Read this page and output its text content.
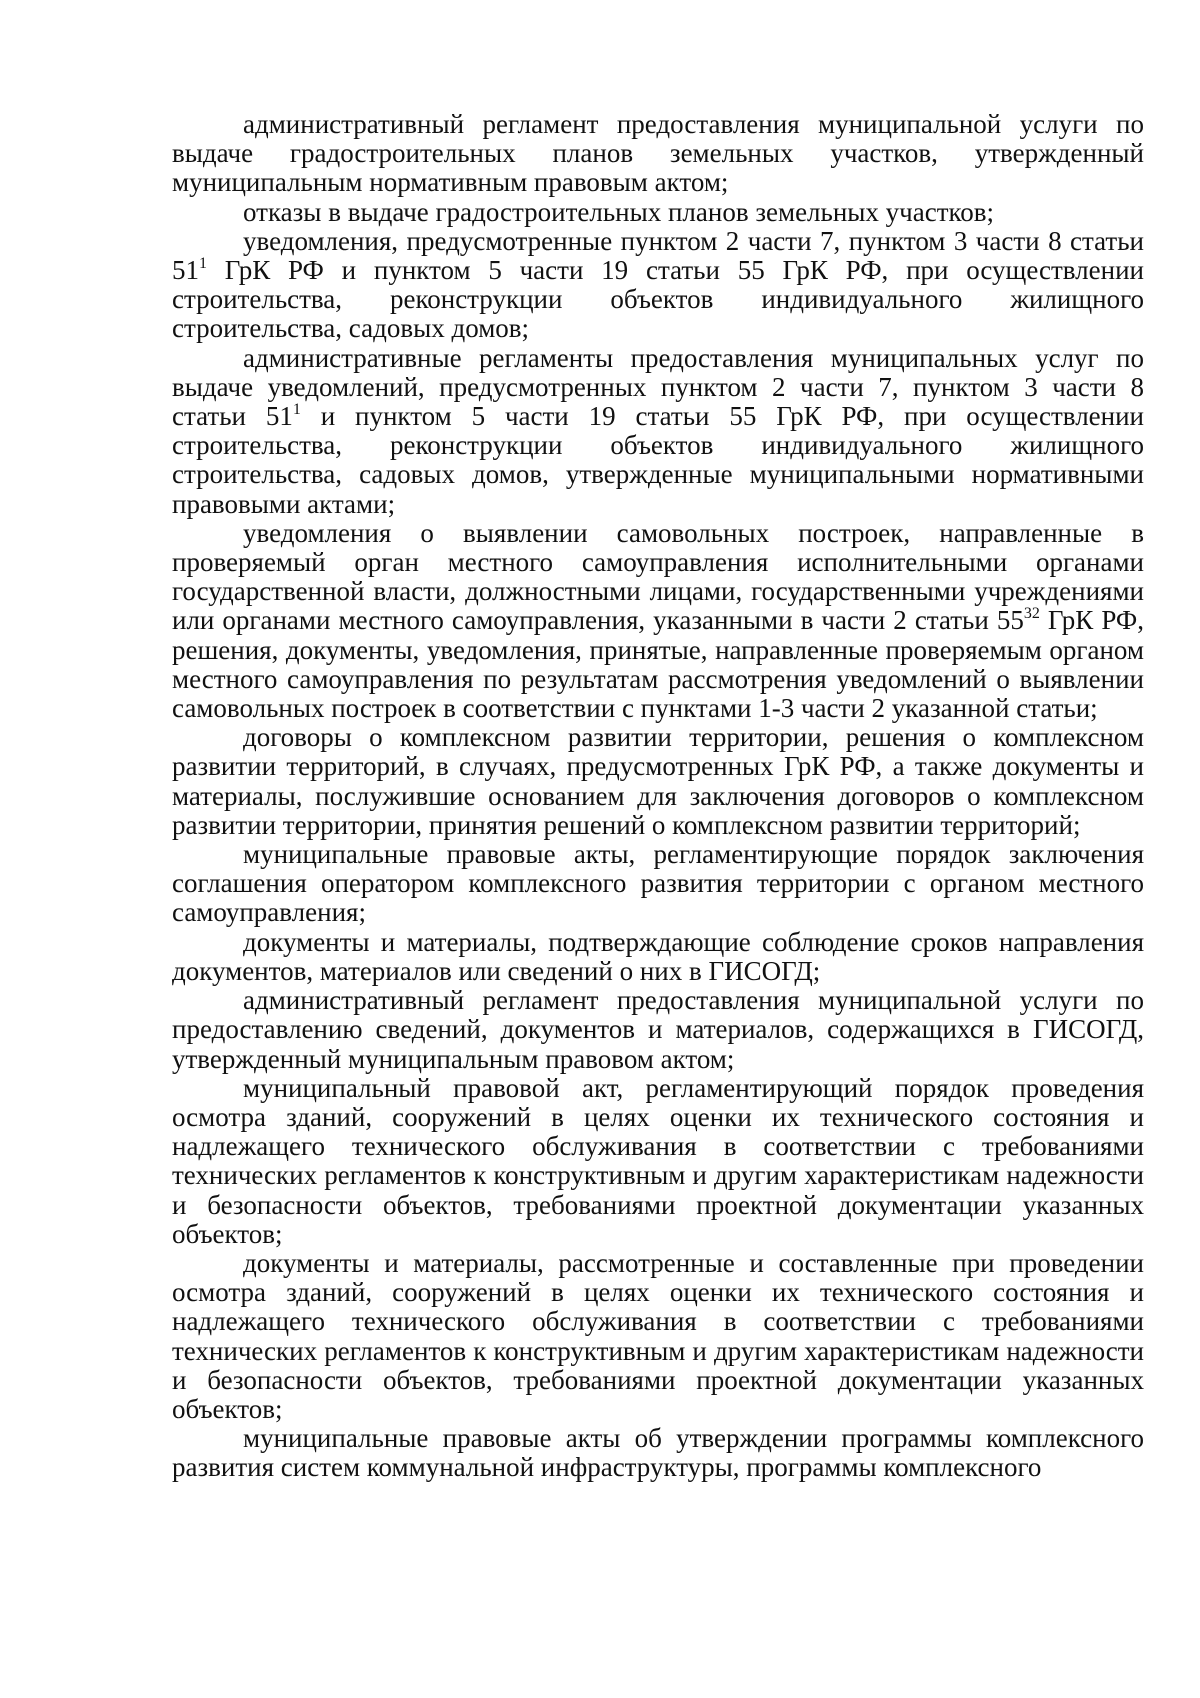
административный регламент предоставления муниципальной услуги по выдаче градостроительных планов земельных участков, утвержденный муниципальным нормативным правовым актом;

отказы в выдаче градостроительных планов земельных участков;

уведомления, предусмотренные пунктом 2 части 7, пунктом 3 части 8 статьи $51^1$ ГрК РФ и пунктом 5 части 19 статьи 55 ГрК РФ, при осуществлении строительства, реконструкции объектов индивидуального жилищного строительства, садовых домов;

административные регламенты предоставления муниципальных услуг по выдаче уведомлений, предусмотренных пунктом 2 части 7, пунктом 3 части 8 статьи $51^1$ и пунктом 5 части 19 статьи 55 ГрК РФ, при осуществлении строительства, реконструкции объектов индивидуального жилищного строительства, садовых домов, утвержденные муниципальными нормативными правовыми актами;

уведомления о выявлении самовольных построек, направленные в проверяемый орган местного самоуправления исполнительными органами государственной власти, должностными лицами, государственными учреждениями или органами местного самоуправления, указанными в части 2 статьи $55^{32}$ ГрК РФ, решения, документы, уведомления, принятые, направленные проверяемым органом местного самоуправления по результатам рассмотрения уведомлений о выявлении самовольных построек в соответствии с пунктами 1-3 части 2 указанной статьи;

договоры о комплексном развитии территории, решения о комплексном развитии территорий, в случаях, предусмотренных ГрК РФ, а также документы и материалы, послужившие основанием для заключения договоров о комплексном развитии территории, принятия решений о комплексном развитии территорий;

муниципальные правовые акты, регламентирующие порядок заключения соглашения оператором комплексного развития территории с органом местного самоуправления;

документы и материалы, подтверждающие соблюдение сроков направления документов, материалов или сведений о них в ГИСОГД;

административный регламент предоставления муниципальной услуги по предоставлению сведений, документов и материалов, содержащихся в ГИСОГД, утвержденный муниципальным правовом актом;

муниципальный правовой акт, регламентирующий порядок проведения осмотра зданий, сооружений в целях оценки их технического состояния и надлежащего технического обслуживания в соответствии с требованиями технических регламентов к конструктивным и другим характеристикам надежности и безопасности объектов, требованиями проектной документации указанных объектов;

документы и материалы, рассмотренные и составленные при проведении осмотра зданий, сооружений в целях оценки их технического состояния и надлежащего технического обслуживания в соответствии с требованиями технических регламентов к конструктивным и другим характеристикам надежности и безопасности объектов, требованиями проектной документации указанных объектов;

муниципальные правовые акты об утверждении программы комплексного развития систем коммунальной инфраструктуры, программы комплексного
